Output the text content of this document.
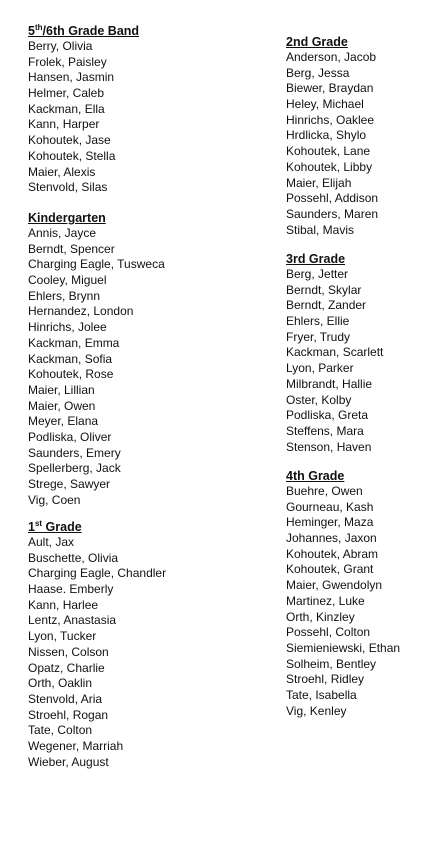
5th/6th Grade Band
Berry, Olivia
Frolek, Paisley
Hansen, Jasmin
Helmer, Caleb
Kackman, Ella
Kann, Harper
Kohoutek, Jase
Kohoutek, Stella
Maier, Alexis
Stenvold, Silas
Kindergarten
Annis, Jayce
Berndt, Spencer
Charging Eagle, Tusweca
Cooley, Miguel
Ehlers, Brynn
Hernandez, London
Hinrichs, Jolee
Kackman, Emma
Kackman, Sofia
Kohoutek, Rose
Maier, Lillian
Maier, Owen
Meyer, Elana
Podliska, Oliver
Saunders, Emery
Spellerberg, Jack
Strege, Sawyer
Vig, Coen
1st Grade
Ault, Jax
Buschette, Olivia
Charging Eagle, Chandler
Haase. Emberly
Kann, Harlee
Lentz, Anastasia
Lyon, Tucker
Nissen, Colson
Opatz, Charlie
Orth, Oaklin
Stenvold, Aria
Stroehl, Rogan
Tate, Colton
Wegener, Marriah
Wieber, August
2nd Grade
Anderson, Jacob
Berg, Jessa
Biewer, Braydan
Heley, Michael
Hinrichs, Oaklee
Hrdlicka, Shylo
Kohoutek, Lane
Kohoutek, Libby
Maier, Elijah
Possehl, Addison
Saunders, Maren
Stibal, Mavis
3rd Grade
Berg, Jetter
Berndt, Skylar
Berndt, Zander
Ehlers, Ellie
Fryer, Trudy
Kackman, Scarlett
Lyon, Parker
Milbrandt, Hallie
Oster, Kolby
Podliska, Greta
Steffens, Mara
Stenson, Haven
4th Grade
Buehre, Owen
Gourneau, Kash
Heminger, Maza
Johannes, Jaxon
Kohoutek, Abram
Kohoutek, Grant
Maier, Gwendolyn
Martinez, Luke
Orth, Kinzley
Possehl, Colton
Siemieniewski, Ethan
Solheim, Bentley
Stroehl, Ridley
Tate, Isabella
Vig, Kenley
